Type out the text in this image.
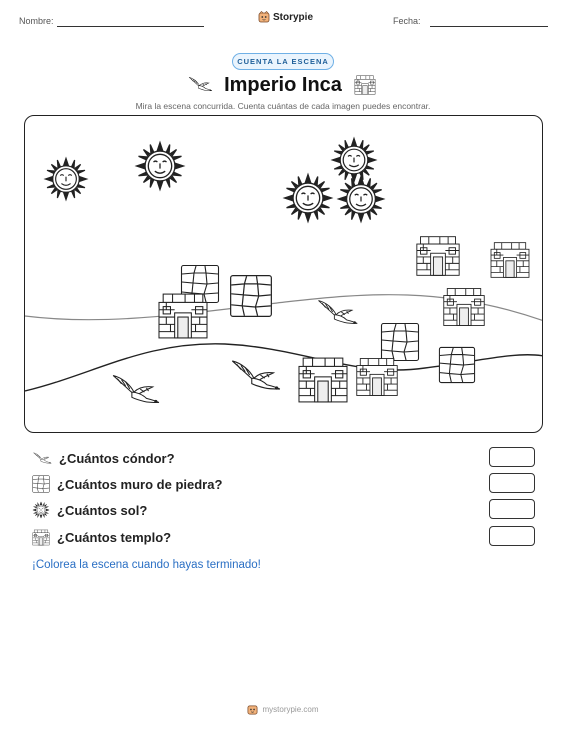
Nombre:	Storypie	Fecha:
CUENTA LA ESCENA
Imperio Inca
Mira la escena concurrida. Cuenta cuántas de cada imagen puedes encontrar.
¿Cuántos cóndor?
¿Cuántos muro de piedra?
¿Cuántos sol?
¿Cuántos templo?
¡Colorea la escena cuando hayas terminado!
mystorypie.com
